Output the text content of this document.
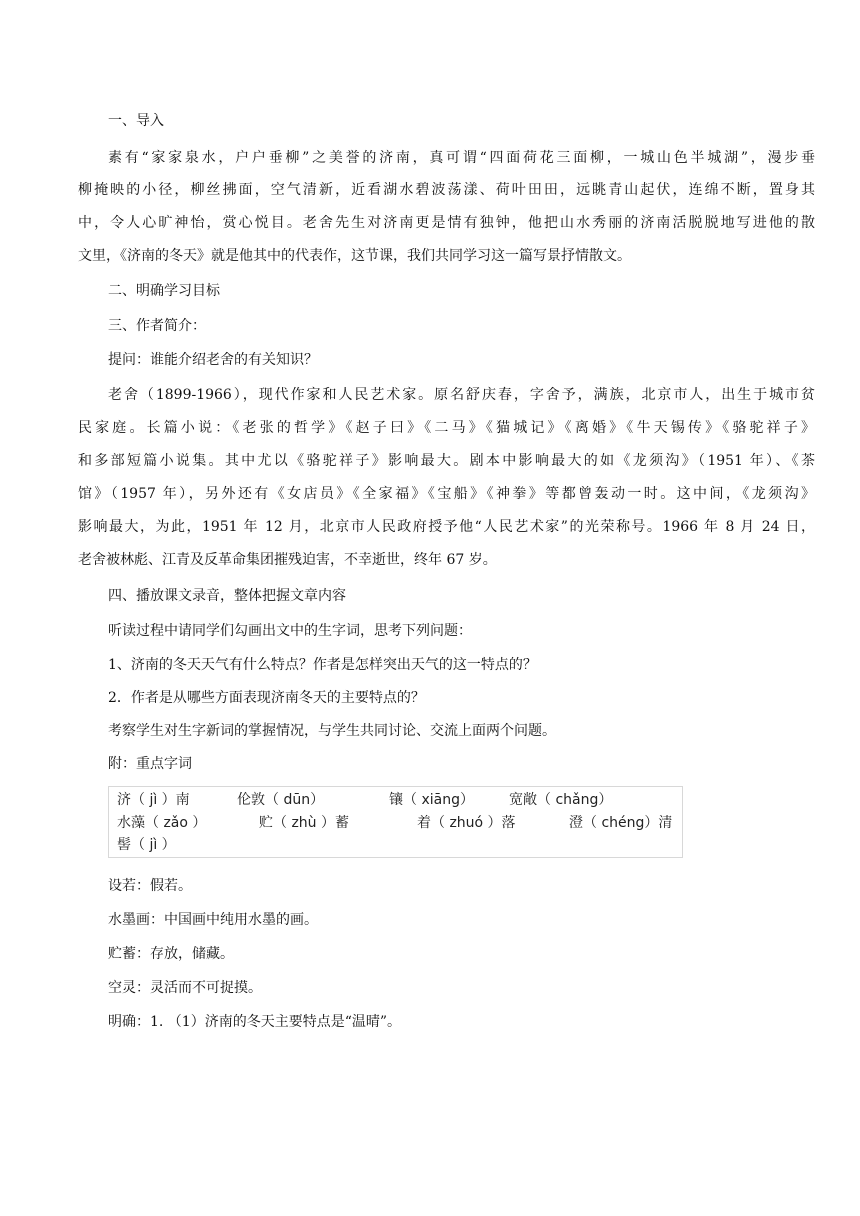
一、导入
素有“家家泉水，户户垂柳”之美誉的济南，真可谓“四面荷花三面柳，一城山色半城湖”，漫步垂
柳掩映的小径，柳丝拂面，空气清新，近看湖水碧波荡漾、荷叶田田，远眺青山起伏，连绵不断，置身其
中，令人心旷神怡，赏心悦目。老舍先生对济南更是情有独钟，他把山水秀丽的济南活脱脱地写进他的散
文里，《济南的冬天》就是他其中的代表作，这节课，我们共同学习这一篇写景抒情散文。
二、明确学习目标
三、作者简介：
提问：谁能介绍老舍的有关知识？
老舍（1899-1966），现代作家和人民艺术家。原名舒庆春，字舍予，满族，北京市人，出生于城市贫
民家庭。长篇小说：《老张的哲学》《赵子曰》《二马》《猫城记》《离婚》《牛天锡传》《骆驼祥子》
和多部短篇小说集。其中尤以《骆驼祥子》影响最大。剧本中影响最大的如《龙须沟》（1951 年）、《茶
馆》（1957 年），另外还有《女店员》《全家福》《宝船》《神拳》等都曾轰动一时。这中间，《龙须沟》
影响最大，为此，1951 年 12 月，北京市人民政府授予他“人民艺术家”的光荣称号。1966 年 8 月 24 日，
老舍被林彪、江青及反革命集团摧残迫害，不幸逝世，终年 67 岁。
四、播放课文录音，整体把握文章内容
听读过程中请同学们勾画出文中的生字词，思考下列问题：
1、济南的冬天天气有什么特点？作者是怎样突出天气的这一特点的？
2．作者是从哪些方面表现济南冬天的主要特点的？
考察学生对生字新词的掌握情况，与学生共同讨论、交流上面两个问题。
附：重点字词
济（ jì ）南	伦敦（ dūn）	镶（ xiāng）	宽敞（ chǎng）
水藻（ zǎo ）	贮（ zhù ）蓄	着（ zhuó ）落	澄（ chéng）清
髻（ jì ）
设若：假若。
水墨画：中国画中纯用水墨的画。
贮蓄：存放，储藏。
空灵：灵活而不可捉摸。
明确：1. （1）济南的冬天主要特点是“温晴”。
